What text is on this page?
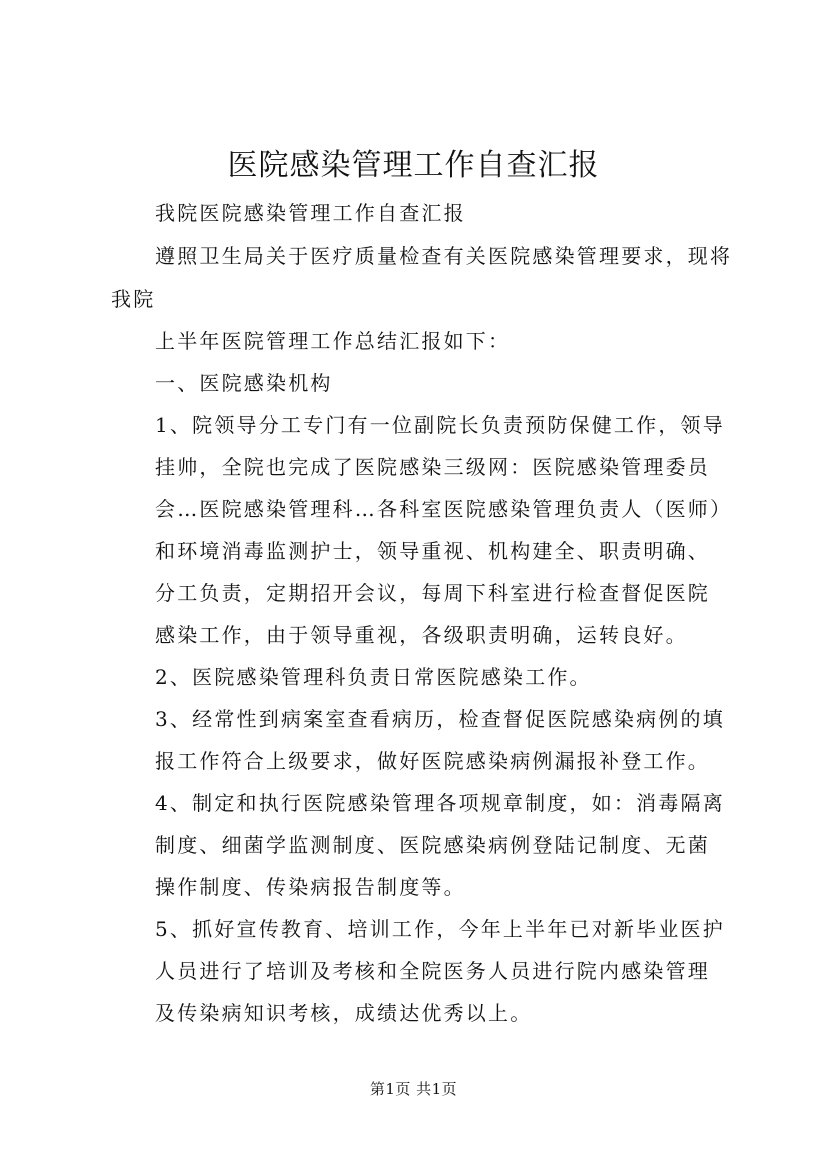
医院感染管理工作自查汇报

我院医院感染管理工作自查汇报

遵照卫生局关于医疗质量检查有关医院感染管理要求，现将

我院

上半年医院管理工作总结汇报如下：

一、医院感染机构

1、院领导分工专门有一位副院长负责预防保健工作，领导

挂帅，全院也完成了医院感染三级网：医院感染管理委员

会…医院感染管理科…各科室医院感染管理负责人（医师）

和环境消毒监测护士，领导重视、机构建全、职责明确、

分工负责，定期招开会议，每周下科室进行检查督促医院

感染工作，由于领导重视，各级职责明确，运转良好。

2、医院感染管理科负责日常医院感染工作。

3、经常性到病案室查看病历，检查督促医院感染病例的填

报工作符合上级要求，做好医院感染病例漏报补登工作。

4、制定和执行医院感染管理各项规章制度，如：消毒隔离

制度、细菌学监测制度、医院感染病例登陆记制度、无菌

操作制度、传染病报告制度等。

5、抓好宣传教育、培训工作，今年上半年已对新毕业医护

人员进行了培训及考核和全院医务人员进行院内感染管理

及传染病知识考核，成绩达优秀以上。

第1页 共1页
